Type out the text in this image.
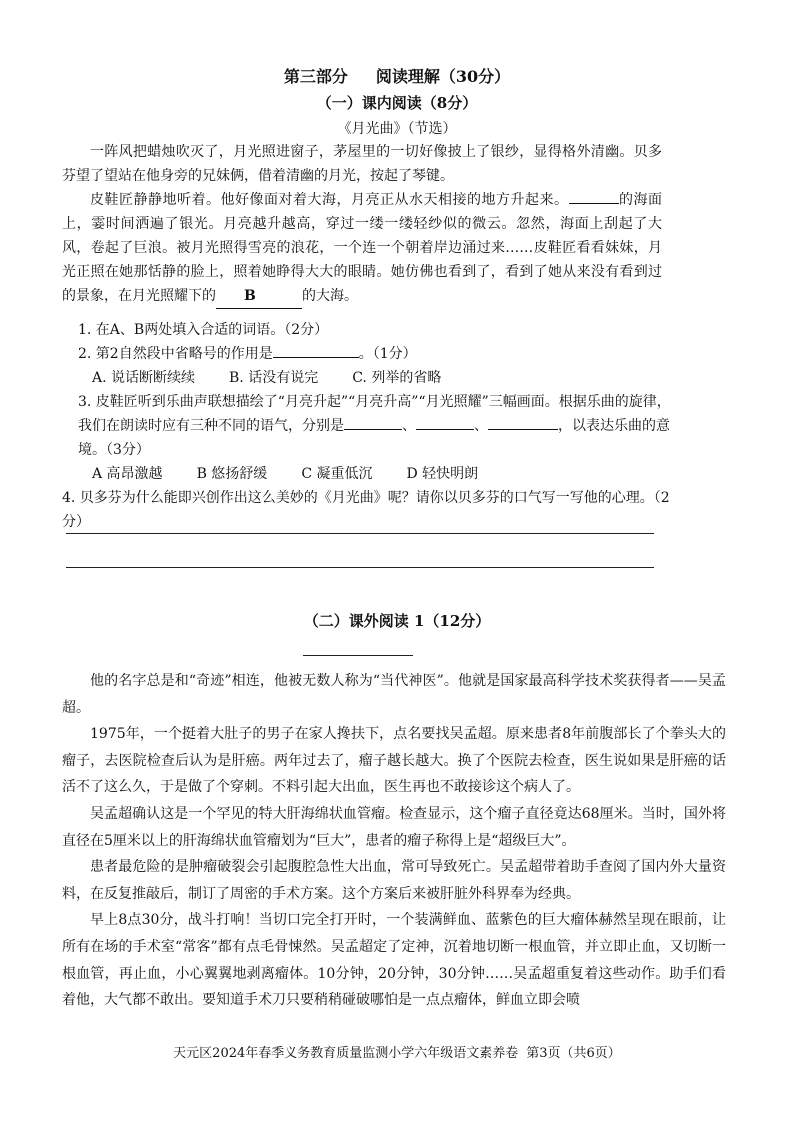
第三部分 阅读理解（30分）
（一）课内阅读（8分）
《月光曲》（节选）

一阵风把蜡烛吹灭了，月光照进窗子，茅屋里的一切好像披上了银纱，显得格外清幽。贝多芬望了望站在他身旁的兄妹俩，借着清幽的月光，按起了琴键。

皮鞋匠静静地听着。他好像面对着大海，月亮正从水天相接的地方升起来。	的海面上，霎时间洒遍了银光。月亮越升越高，穿过一缕一缕轻纱似的微云。忽然，海面上刮起了大风，卷起了巨浪。被月光照得雪亮的浪花，一个连一个朝着岸边涌过来……皮鞋匠看看妹妹，月光正照在她那恬静的脸上，照着她睁得大大的眼睛。她仿佛也看到了，看到了她从来没有看到过的景象，在月光照耀下的 B	的大海。

1. 在A、B两处填入合适的词语。（2分）

2. 第2自然段中省略号的作用是	。（1分）

A. 说话断断续续 B. 话没有说完 C. 列举的省略

3. 皮鞋匠听到乐曲声联想描绘了“月亮升起”“月亮升高”“月光照耀”三幅画面。根据乐曲的旋律，我们在朗读时应有三种不同的语气，分别是	、	、	，以表达乐曲的意境。（3分）

A 高昂激越 B 悠扬舒缓 C 凝重低沉 D 轻快明朗

4. 贝多芬为什么能即兴创作出这么美妙的《月光曲》呢？请你以贝多芬的口气写一写他的心理。（2分）

（二）课外阅读 1（12分）

他的名字总是和“奇迹”相连，他被无数人称为“当代神医”。他就是国家最高科学技术奖获得者——吴孟超。

1975年，一个挺着大肚子的男子在家人搀扶下，点名要找吴孟超。原来患者8年前腹部长了个拳头大的瘤子，去医院检查后认为是肝癌。两年过去了，瘤子越长越大。换了个医院去检查，医生说如果是肝癌的话活不了这么久，于是做了个穿刺。不料引起大出血，医生再也不敢接诊这个病人了。

吴孟超确认这是一个罕见的特大肝海绵状血管瘤。检查显示，这个瘤子直径竟达68厘米。当时，国外将直径在5厘米以上的肝海绵状血管瘤划为“巨大”，患者的瘤子称得上是“超级巨大”。

患者最危险的是肿瘤破裂会引起腹腔急性大出血，常可导致死亡。吴孟超带着助手查阅了国内外大量资料，在反复推敲后，制订了周密的手术方案。这个方案后来被肝脏外科界奉为经典。

早上8点30分，战斗打响！当切口完全打开时，一个装满鲜血、蓝紫色的巨大瘤体赫然呈现在眼前，让所有在场的手术室“常客”都有点毛骨悚然。吴孟超定了定神，沉着地切断一根血管，并立即止血，又切断一根血管，再止血，小心翼翼地剥离瘤体。10分钟，20分钟，30分钟……吴孟超重复着这些动作。助手们看着他，大气都不敢出。要知道手术刀只要稍稍碰破哪怕是一点点瘤体，鲜血立即会喷

天元区2024年春季义务教育质量监测小学六年级语文素养卷 第3页（共6页）
